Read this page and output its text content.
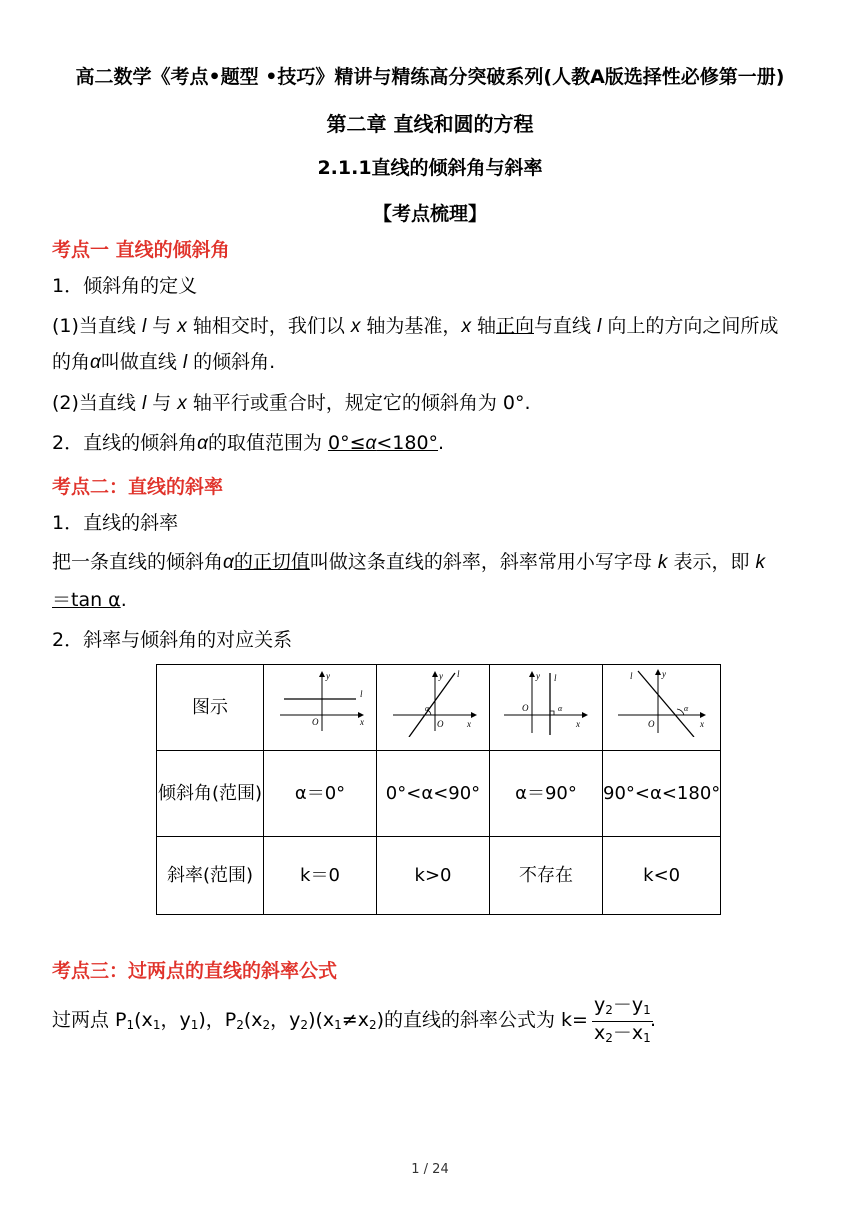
高二数学《考点•题型 •技巧》精讲与精练高分突破系列(人教A版选择性必修第一册)
第二章 直线和圆的方程
2.1.1直线的倾斜角与斜率
【考点梳理】
考点一 直线的倾斜角
1．倾斜角的定义
(1)当直线 l 与 x 轴相交时，我们以 x 轴为基准，x 轴正向与直线 l 向上的方向之间所成
的角α叫做直线 l 的倾斜角.
(2)当直线 l 与 x 轴平行或重合时，规定它的倾斜角为 0°.
2．直线的倾斜角α的取值范围为 0°≤α<180°.
考点二：直线的斜率
1．直线的斜率
把一条直线的倾斜角α的正切值叫做这条直线的斜率，斜率常用小写字母 k 表示，即 k
＝tan α.
2．斜率与倾斜角的对应关系
图示	y
x
O
l	y
x
O
l
α	y
x
O
l
α	y
x
O
l
α

倾斜角(范围)	α＝0°	0°<α<90°	α＝90°	90°<α<180°
斜率(范围)	k＝0	k>0	不存在	k<0
考点三：过两点的直线的斜率公式
过两点 $P_1(x_1$，$y_1$)，$P_2(x_2$，$y_2)(x_1\ne x_2)$的直线的斜率公式为 $k= \frac{y_2-y_1}{x_2-x_1}$
.
1 / 24
